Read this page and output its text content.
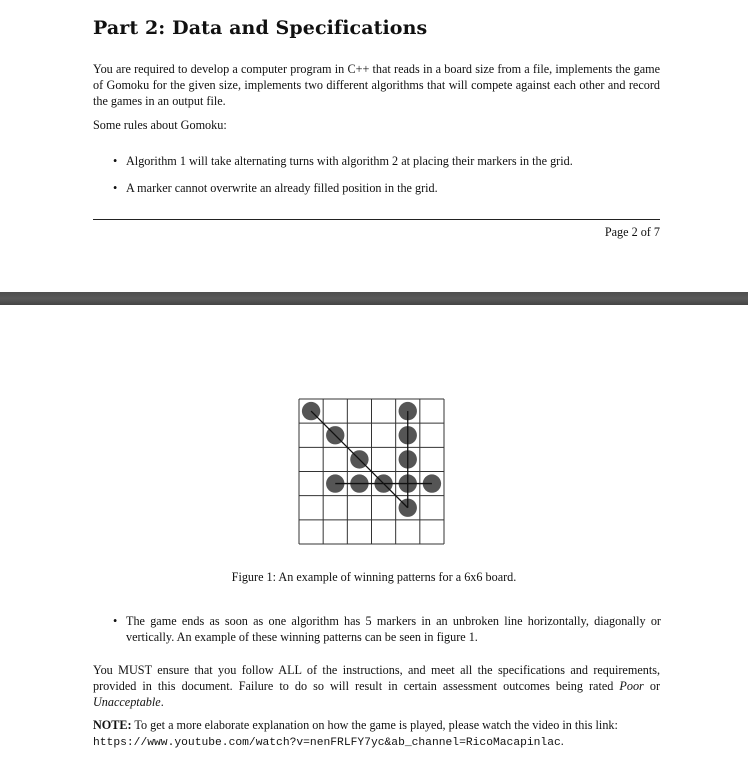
Part 2: Data and Specifications

You are required to develop a computer program in C++ that reads in a board size from a file, implements the game of Gomoku for the given size, implements two different algorithms that will compete against each other and record the games in an output file.

Some rules about Gomoku:

• Algorithm 1 will take alternating turns with algorithm 2 at placing their markers in the grid.
• A marker cannot overwrite an already filled position in the grid.
Page 2 of 7
Figure 1: An example of winning patterns for a 6x6 board.
• The game ends as soon as one algorithm has 5 markers in an unbroken line horizontally, diagonally or vertically. An example of these winning patterns can be seen in figure 1.

You MUST ensure that you follow ALL of the instructions, and meet all the specifications and requirements, provided in this document. Failure to do so will result in certain assessment outcomes being rated Poor or Unacceptable.

NOTE: To get a more elaborate explanation on how the game is played, please watch the video in this link: https://www.youtube.com/watch?v=nenFRLFY7yc&ab_channel=RicoMacapinlac.
